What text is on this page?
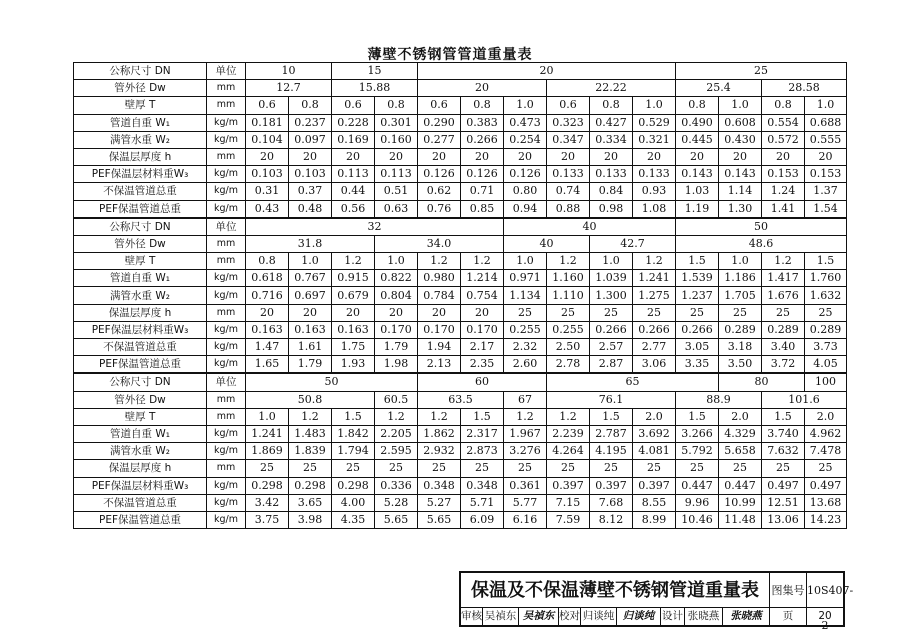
薄壁不锈钢管管道重量表
公称尺寸 DN	单位	10		15		20						25			
管外径 Dw	mm	12.7		15.88		20			22.22			25.4		28.58	
壁厚 T	mm	0.6	0.8	0.6	0.8	0.6	0.8	1.0	0.6	0.8	1.0	0.8	1.0	0.8	1.0
管道自重 W₁	kg/m	0.181	0.237	0.228	0.301	0.290	0.383	0.473	0.323	0.427	0.529	0.490	0.608	0.554	0.688
满管水重 W₂	kg/m	0.104	0.097	0.169	0.160	0.277	0.266	0.254	0.347	0.334	0.321	0.445	0.430	0.572	0.555
保温层厚度 h	mm	20	20	20	20	20	20	20	20	20	20	20	20	20	20
PEF保温层材料重W₃	kg/m	0.103	0.103	0.113	0.113	0.126	0.126	0.126	0.133	0.133	0.133	0.143	0.143	0.153	0.153
不保温管道总重	kg/m	0.31	0.37	0.44	0.51	0.62	0.71	0.80	0.74	0.84	0.93	1.03	1.14	1.24	1.37
PEF保温管道总重	kg/m	0.43	0.48	0.56	0.63	0.76	0.85	0.94	0.88	0.98	1.08	1.19	1.30	1.41	1.54
公称尺寸 DN	单位	32						40				50			
管外径 Dw	mm	31.8			34.0			40		42.7		48.6			
壁厚 T	mm	0.8	1.0	1.2	1.0	1.2	1.2	1.0	1.2	1.0	1.2	1.5	1.0	1.2	1.5
管道自重 W₁	kg/m	0.618	0.767	0.915	0.822	0.980	1.214	0.971	1.160	1.039	1.241	1.539	1.186	1.417	1.760
满管水重 W₂	kg/m	0.716	0.697	0.679	0.804	0.784	0.754	1.134	1.110	1.300	1.275	1.237	1.705	1.676	1.632
保温层厚度 h	mm	20	20	20	20	20	20	25	25	25	25	25	25	25	25
PEF保温层材料重W₃	kg/m	0.163	0.163	0.163	0.170	0.170	0.170	0.255	0.255	0.266	0.266	0.266	0.289	0.289	0.289
不保温管道总重	kg/m	1.47	1.61	1.75	1.79	1.94	2.17	2.32	2.50	2.57	2.77	3.05	3.18	3.40	3.73
PEF保温管道总重	kg/m	1.65	1.79	1.93	1.98	2.13	2.35	2.60	2.78	2.87	3.06	3.35	3.50	3.72	4.05
公称尺寸 DN	单位	50				60			65				80		100
管外径 Dw	mm	50.8			60.5	63.5		67	76.1			88.9		101.6	
壁厚 T	mm	1.0	1.2	1.5	1.2	1.2	1.5	1.2	1.2	1.5	2.0	1.5	2.0	1.5	2.0
管道自重 W₁	kg/m	1.241	1.483	1.842	2.205	1.862	2.317	1.967	2.239	2.787	3.692	3.266	4.329	3.740	4.962
满管水重 W₂	kg/m	1.869	1.839	1.794	2.595	2.932	2.873	3.276	4.264	4.195	4.081	5.792	5.658	7.632	7.478
保温层厚度 h	mm	25	25	25	25	25	25	25	25	25	25	25	25	25	25
PEF保温层材料重W₃	kg/m	0.298	0.298	0.298	0.336	0.348	0.348	0.361	0.397	0.397	0.397	0.447	0.447	0.497	0.497
不保温管道总重	kg/m	3.42	3.65	4.00	5.28	5.27	5.71	5.77	7.15	7.68	8.55	9.96	10.99	12.51	13.68
PEF保温管道总重	kg/m	3.75	3.98	4.35	5.65	5.65	6.09	6.16	7.59	8.12	8.99	10.46	11.48	13.06	14.23
保温及不保温薄壁不锈钢管道重量表	图集号 10S407-2
审核 吴禎东 吴禎东 校对 归谈纯 归谈纯 设计 张晓燕	张晓燕	页	20
